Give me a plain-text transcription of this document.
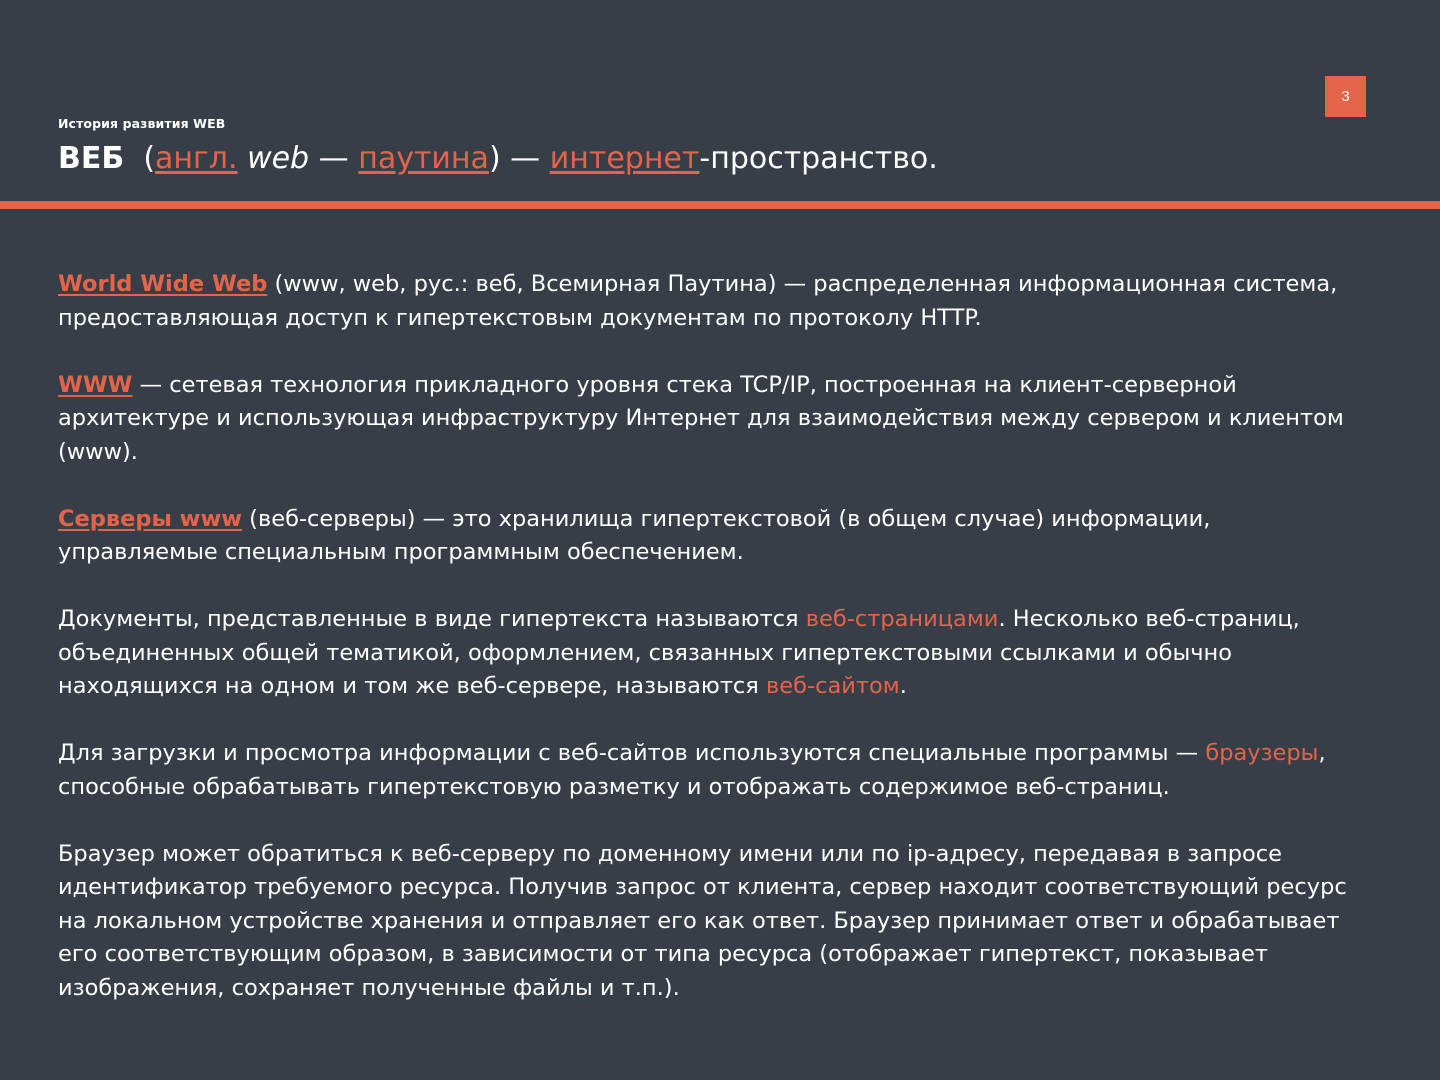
3
История развития WEB
ВЕБ (англ. web — паутина) — интернет-пространство.

World Wide Web (www, web, рус.: веб, Всемирная Паутина) — распределенная информационная система,
предоставляющая доступ к гипертекстовым документам по протоколу HTTP.

WWW — сетевая технология прикладного уровня стека TCP/IP, построенная на клиент-серверной архитектуре и использующая инфраструктуру Интернет для взаимодействия между сервером и клиентом (www).

Серверы www (веб-серверы) — это хранилища гипертекстовой (в общем случае) информации, управляемые специальным программным обеспечением.

Документы, представленные в виде гипертекста называются веб-страницами. Несколько веб-страниц, объединенных общей тематикой, оформлением, связанных гипертекстовыми ссылками и обычно находящихся на одном и том же веб-сервере, называются веб-сайтом.

Для загрузки и просмотра информации с веб-сайтов используются специальные программы — браузеры, способные обрабатывать гипертекстовую разметку и отображать содержимое веб-страниц.

Браузер может обратиться к веб-серверу по доменному имени или по ip-адресу, передавая в запросе идентификатор требуемого ресурса. Получив запрос от клиента, сервер находит соответствующий ресурс на локальном устройстве хранения и отправляет его как ответ. Браузер принимает ответ и обрабатывает его соответствующим образом, в зависимости от типа ресурса (отображает гипертекст, показывает изображения, сохраняет полученные файлы и т.п.).
